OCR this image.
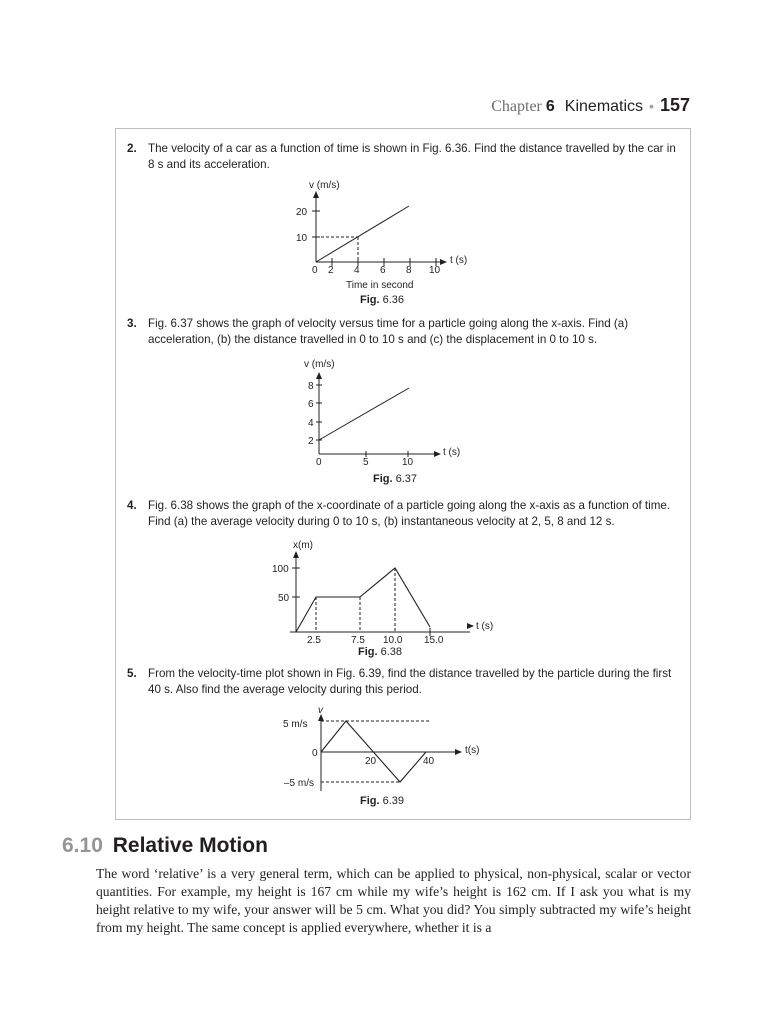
Chapter 6 Kinematics • 157
2. The velocity of a car as a function of time is shown in Fig. 6.36. Find the distance travelled by the car in 8 s and its acceleration.
v (m/s)
t (s)
20
10
0 2 4 6 8 10
Time in second
Fig. 6.36
3. Fig. 6.37 shows the graph of velocity versus time for a particle going along the x-axis. Find (a) acceleration, (b) the distance travelled in 0 to 10 s and (c) the displacement in 0 to 10 s.
v (m/s)
t (s)
8
6
4
2
0	5	10
Fig. 6.37
4. Fig. 6.38 shows the graph of the x-coordinate of a particle going along the x-axis as a function of time. Find (a) the average velocity during 0 to 10 s, (b) instantaneous velocity at 2, 5, 8 and 12 s.
x(m)
t (s)
100
50
2.5	7.5 10.0 15.0
Fig. 6.38
5. From the velocity-time plot shown in Fig. 6.39, find the distance travelled by the particle during the first 40 s. Also find the average velocity during this period.
v
t(s)
5 m/s
0
–5 m/s
20	40
Fig. 6.39
6.10 Relative Motion
The word ‘relative’ is a very general term, which can be applied to physical, non-physical, scalar or vector quantities. For example, my height is 167 cm while my wife’s height is 162 cm. If I ask you what is my height relative to my wife, your answer will be 5 cm. What you did? You simply subtracted my wife’s height from my height. The same concept is applied everywhere, whether it is a
